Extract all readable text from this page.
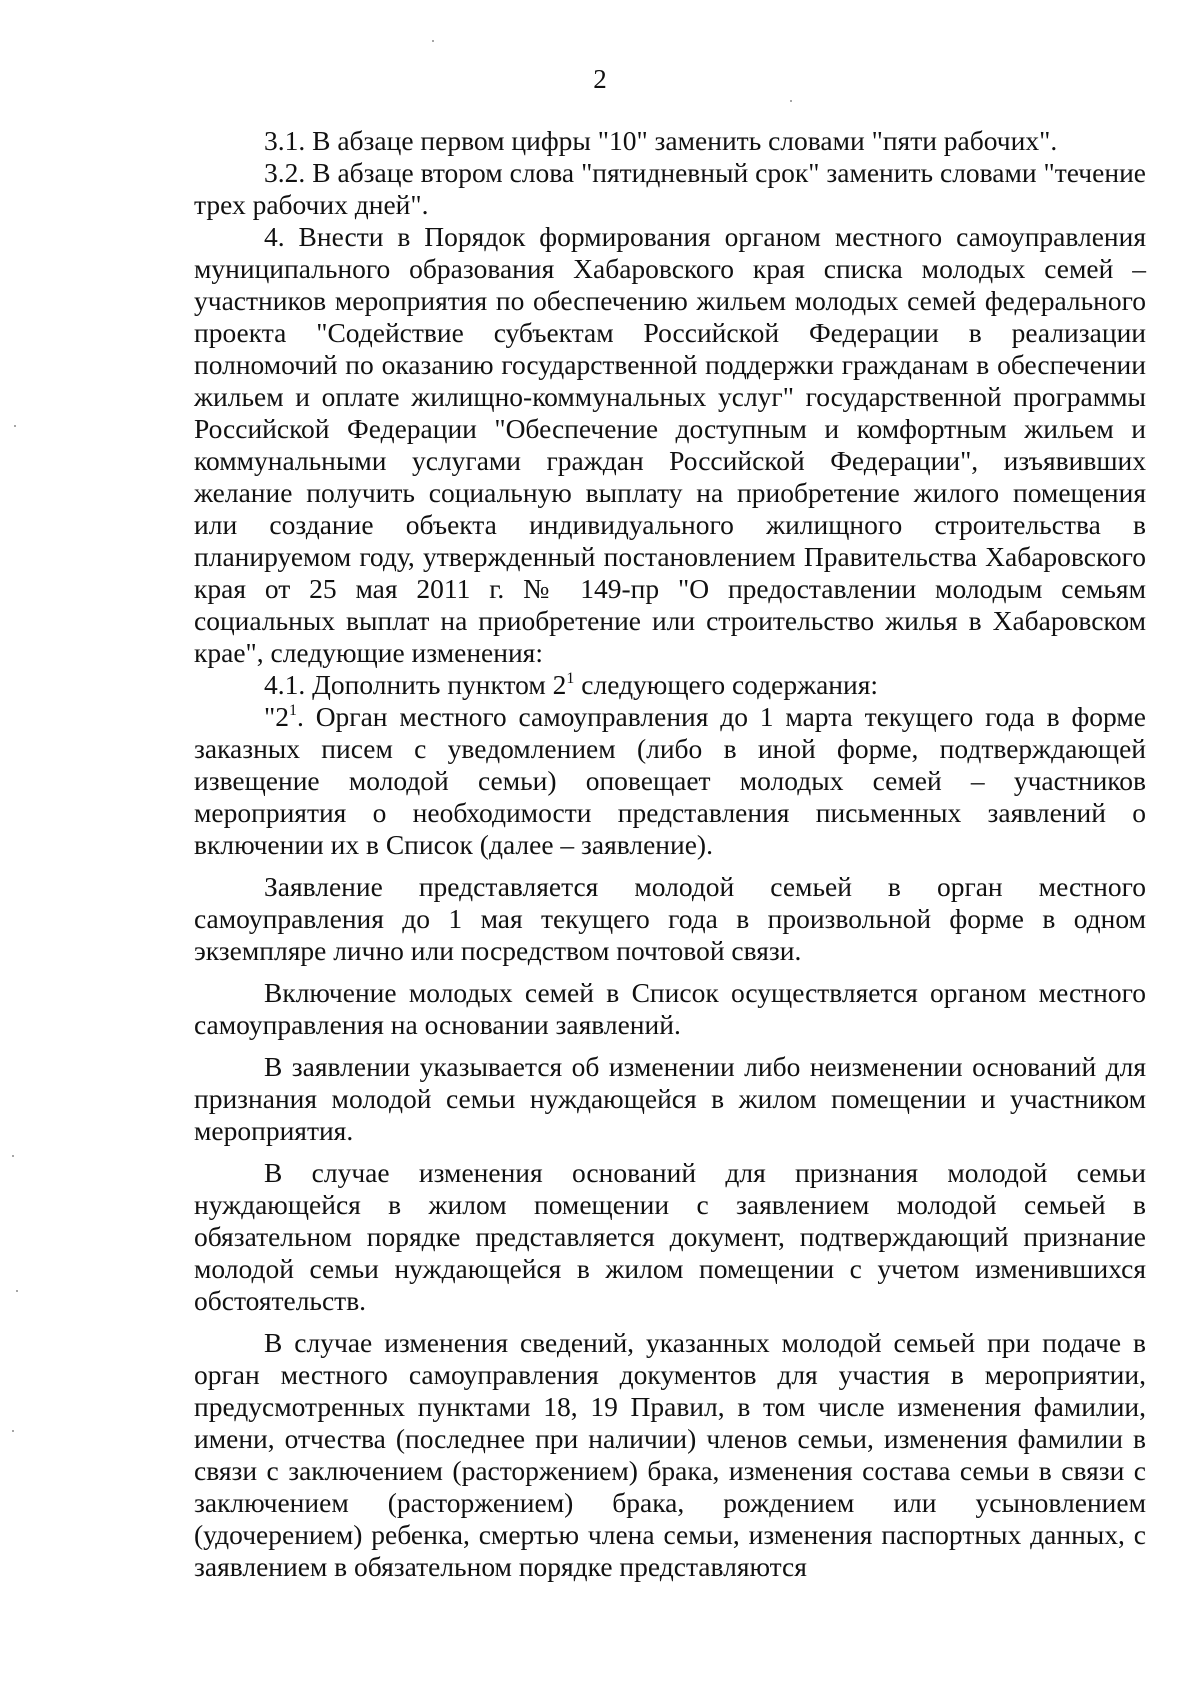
2

3.1. В абзаце первом цифры "10" заменить словами "пяти рабочих".

3.2. В абзаце втором слова "пятидневный срок" заменить словами "течение трех рабочих дней".

4. Внести в Порядок формирования органом местного самоуправления муниципального образования Хабаровского края списка молодых семей – участников мероприятия по обеспечению жильем молодых семей федерального проекта "Содействие субъектам Российской Федерации в реализации полномочий по оказанию государственной поддержки гражданам в обеспечении жильем и оплате жилищно-коммунальных услуг" государственной программы Российской Федерации "Обеспечение доступным и комфортным жильем и коммунальными услугами граждан Российской Федерации", изъявивших желание получить социальную выплату на приобретение жилого помещения или создание объекта индивидуального жилищного строительства в планируемом году, утвержденный постановлением Правительства Хабаровского края от 25 мая 2011 г. № 149-пр "О предоставлении молодым семьям социальных выплат на приобретение или строительство жилья в Хабаровском крае", следующие изменения:

4.1. Дополнить пунктом $2^1$ следующего содержания:

"$2^1$. Орган местного самоуправления до 1 марта текущего года в форме заказных писем с уведомлением (либо в иной форме, подтверждающей извещение молодой семьи) оповещает молодых семей – участников мероприятия о необходимости представления письменных заявлений о включении их в Список (далее – заявление).

Заявление представляется молодой семьей в орган местного самоуправления до 1 мая текущего года в произвольной форме в одном экземпляре лично или посредством почтовой связи.

Включение молодых семей в Список осуществляется органом местного самоуправления на основании заявлений.

В заявлении указывается об изменении либо неизменении оснований для признания молодой семьи нуждающейся в жилом помещении и участником мероприятия.

В случае изменения оснований для признания молодой семьи нуждающейся в жилом помещении с заявлением молодой семьей в обязательном порядке представляется документ, подтверждающий признание молодой семьи нуждающейся в жилом помещении с учетом изменившихся обстоятельств.

В случае изменения сведений, указанных молодой семьей при подаче в орган местного самоуправления документов для участия в мероприятии, предусмотренных пунктами 18, 19 Правил, в том числе изменения фамилии, имени, отчества (последнее при наличии) членов семьи, изменения фамилии в связи с заключением (расторжением) брака, изменения состава семьи в связи с заключением (расторжением) брака, рождением или усыновлением (удочерением) ребенка, смертью члена семьи, изменения паспортных данных, с заявлением в обязательном порядке представляются
